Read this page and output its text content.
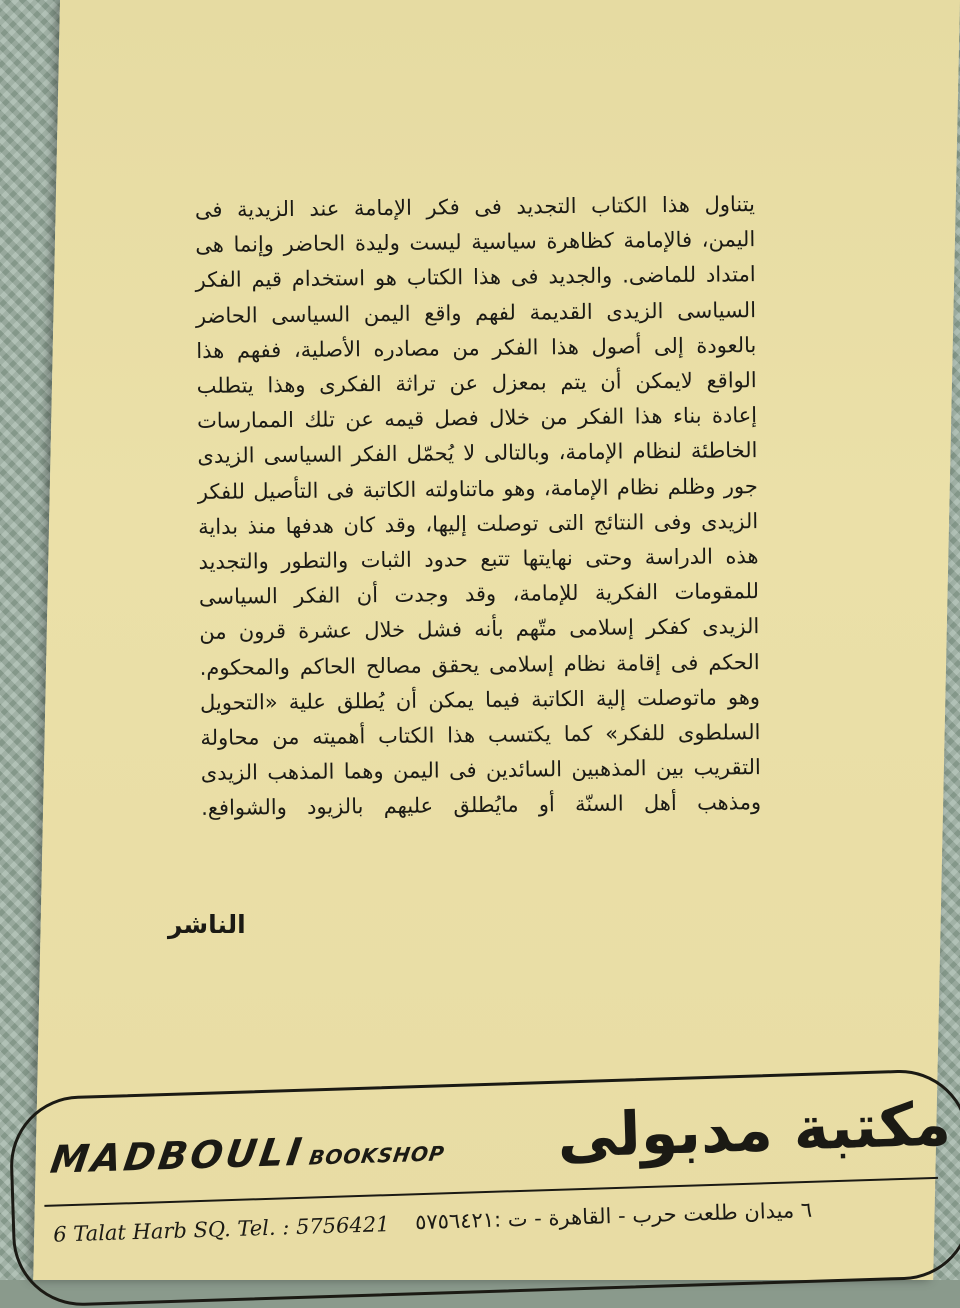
يتناول هذا الكتاب التجديد فى فكر الإمامة عند الزيدية فى
اليمن، فالإمامة كظاهرة سياسية ليست وليدة الحاضر وإنما هى
امتداد للماضى. والجديد فى هذا الكتاب هو استخدام قيم الفكر
السياسى الزيدى القديمة لفهم واقع اليمن السياسى الحاضر
بالعودة إلى أصول هذا الفكر من مصادره الأصلية، ففهم هذا
الواقع لايمكن أن يتم بمعزل عن تراثة الفكرى وهذا يتطلب
إعادة بناء هذا الفكر من خلال فصل قيمه عن تلك الممارسات
الخاطئة لنظام الإمامة، وبالتالى لا يُحمّل الفكر السياسى الزيدى
جور وظلم نظام الإمامة، وهو ماتناولته الكاتبة فى التأصيل للفكر
الزيدى وفى النتائج التى توصلت إليها، وقد كان هدفها منذ بداية
هذه الدراسة وحتى نهايتها تتبع حدود الثبات والتطور والتجديد
للمقومات الفكرية للإمامة، وقد وجدت أن الفكر السياسى
الزيدى كفكر إسلامى متّهم بأنه فشل خلال عشرة قرون من
الحكم فى إقامة نظام إسلامى يحقق مصالح الحاكم والمحكوم.
وهو ماتوصلت إلية الكاتبة فيما يمكن أن يُطلق علية «التحويل
السلطوى للفكر» كما يكتسب هذا الكتاب أهميته من محاولة
التقريب بين المذهبين السائدين فى اليمن وهما المذهب الزيدى
ومذهب أهل السنّة أو مايُطلق عليهم بالزيود والشوافع.
الناشر
MADBOULIBOOKSHOP مكتبة مدبولى
6 Talat Harb SQ. Tel. : 5756421 ٦ ميدان طلعت حرب - القاهرة - ت :٥٧٥٦٤٢١
